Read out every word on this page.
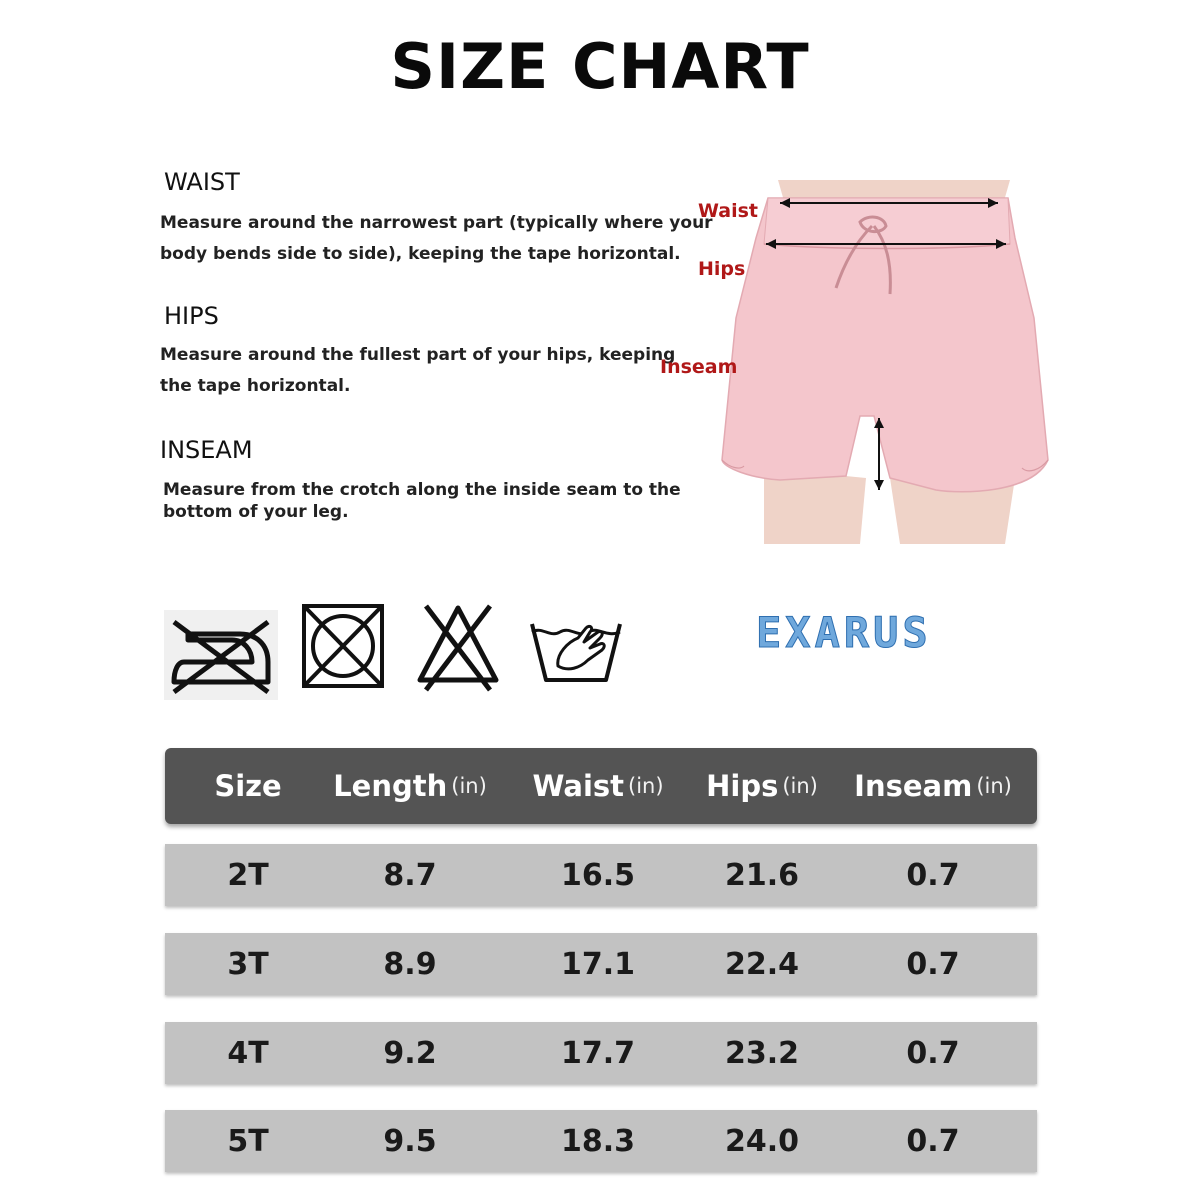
SIZE CHART
WAIST
Measure around the narrowest part (typically where your
body bends side to side), keeping the tape horizontal.
HIPS
Measure around the fullest part of your hips, keeping
the tape horizontal.
INSEAM
Measure from the crotch along the inside seam to the
bottom of your leg.
Waist
Hips
Inseam
EXARUS
Size Length (in) Waist (in) Hips (in) Inseam (in)
2T	8.7	16.5	21.6	0.7
3T	8.9	17.1	22.4	0.7
4T	9.2	17.7	23.2	0.7
5T	9.5	18.3	24.0	0.7
